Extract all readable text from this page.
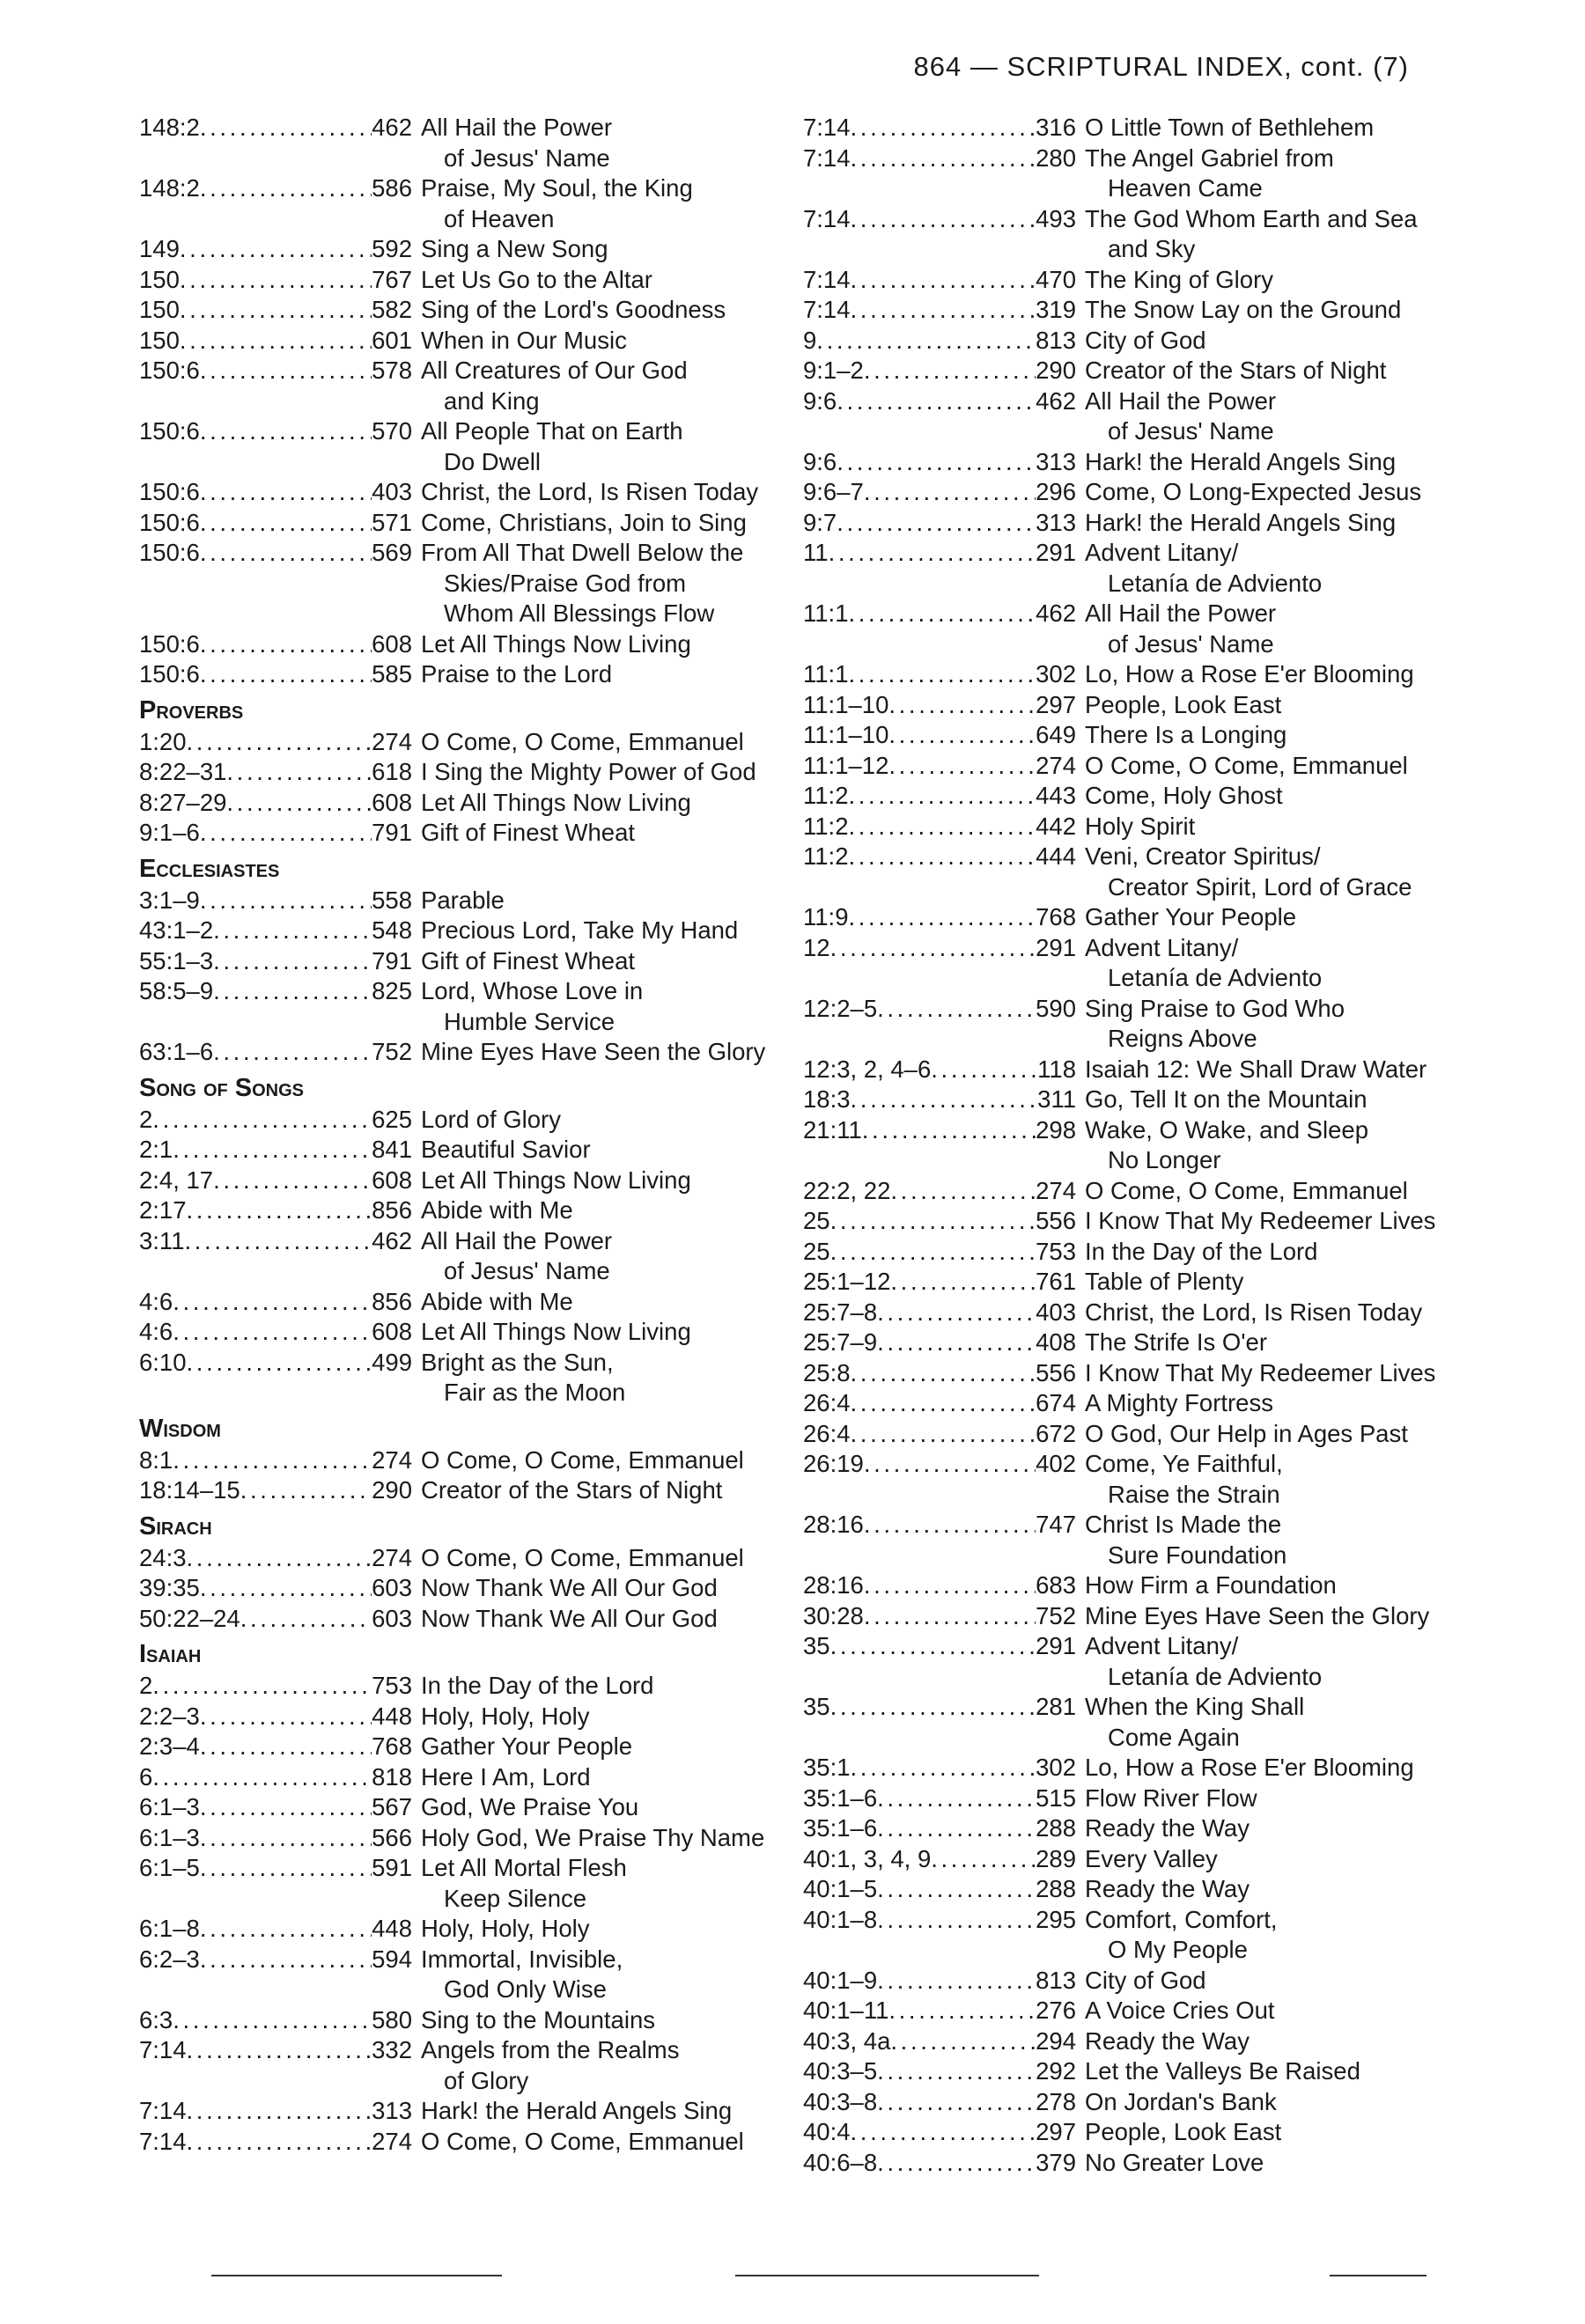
864 — SCRIPTURAL INDEX, cont. (7)
148:2 . . .	462 All Hail the Power
of Jesus' Name
148:2 . . .	586 Praise, My Soul, the King
of Heaven
149 . . .	592 Sing a New Song
150 . . .	767 Let Us Go to the Altar
150 . . .	582 Sing of the Lord's Goodness
150 . . .	601 When in Our Music
150:6 . . .	578 All Creatures of Our God
and King
150:6 . . .	570 All People That on Earth
Do Dwell
150:6 . . .	403 Christ, the Lord, Is Risen Today
150:6 . . .	571 Come, Christians, Join to Sing
150:6 . . .	569 From All That Dwell Below the
Skies/Praise God from
Whom All Blessings Flow
150:6 . . .	608 Let All Things Now Living
150:6 . . .	585 Praise to the Lord
Proverbs
1:20 . . .	274 O Come, O Come, Emmanuel
8:22–31 . . .	618 I Sing the Mighty Power of God
8:27–29 . . .	608 Let All Things Now Living
9:1–6 . . .	791 Gift of Finest Wheat
Ecclesiastes
3:1–9 . . .	558 Parable
43:1–2 . . .	548 Precious Lord, Take My Hand
55:1–3 . . .	791 Gift of Finest Wheat
58:5–9 . . .	825 Lord, Whose Love in
Humble Service
63:1–6 . . .	752 Mine Eyes Have Seen the Glory
Song of Songs
2 . . .	625 Lord of Glory
2:1 . . .	841 Beautiful Savior
2:4, 17 . . .	608 Let All Things Now Living
2:17 . . .	856 Abide with Me
3:11 . . .	462 All Hail the Power
of Jesus' Name
4:6 . . .	856 Abide with Me
4:6 . . .	608 Let All Things Now Living
6:10 . . .	499 Bright as the Sun,
Fair as the Moon
Wisdom
8:1 . . .	274 O Come, O Come, Emmanuel
18:14–15 . . .	290 Creator of the Stars of Night
Sirach
24:3 . . .	274 O Come, O Come, Emmanuel
39:35 . . .	603 Now Thank We All Our God
50:22–24 . . .	603 Now Thank We All Our God
Isaiah
2 . . .	753 In the Day of the Lord
2:2–3 . . .	448 Holy, Holy, Holy
2:3–4 . . .	768 Gather Your People
6 . . .	818 Here I Am, Lord
6:1–3 . . .	567 God, We Praise You
6:1–3 . . .	566 Holy God, We Praise Thy Name
6:1–5 . . .	591 Let All Mortal Flesh
Keep Silence
6:1–8 . . .	448 Holy, Holy, Holy
6:2–3 . . .	594 Immortal, Invisible,
God Only Wise
6:3 . . .	580 Sing to the Mountains
7:14 . . .	332 Angels from the Realms
of Glory
7:14 . . .	313 Hark! the Herald Angels Sing
7:14 . . .	274 O Come, O Come, Emmanuel
7:14 . . .	316 O Little Town of Bethlehem
7:14 . . .	280 The Angel Gabriel from
Heaven Came
7:14 . . .	493 The God Whom Earth and Sea
and Sky
7:14 . . .	470 The King of Glory
7:14 . . .	319 The Snow Lay on the Ground
9 . . .	813 City of God
9:1–2 . . .	290 Creator of the Stars of Night
9:6 . . .	462 All Hail the Power
of Jesus' Name
9:6 . . .	313 Hark! the Herald Angels Sing
9:6–7 . . .	296 Come, O Long-Expected Jesus
9:7 . . .	313 Hark! the Herald Angels Sing
11 . . .	291 Advent Litany/
Letanía de Adviento
11:1 . . .	462 All Hail the Power
of Jesus' Name
11:1 . . .	302 Lo, How a Rose E'er Blooming
11:1–10 . . .	297 People, Look East
11:1–10 . . .	649 There Is a Longing
11:1–12 . . .	274 O Come, O Come, Emmanuel
11:2 . . .	443 Come, Holy Ghost
11:2 . . .	442 Holy Spirit
11:2 . . .	444 Veni, Creator Spiritus/
Creator Spirit, Lord of Grace
11:9 . . .	768 Gather Your People
12 . . .	291 Advent Litany/
Letanía de Adviento
12:2–5 . . .	590 Sing Praise to God Who
Reigns Above
12:3, 2, 4–6 . . .	118 Isaiah 12: We Shall Draw Water
18:3 . . .	311 Go, Tell It on the Mountain
21:11 . . .	298 Wake, O Wake, and Sleep
No Longer
22:2, 22 . . .	274 O Come, O Come, Emmanuel
25 . . .	556 I Know That My Redeemer Lives
25 . . .	753 In the Day of the Lord
25:1–12 . . .	761 Table of Plenty
25:7–8 . . .	403 Christ, the Lord, Is Risen Today
25:7–9 . . .	408 The Strife Is O'er
25:8 . . .	556 I Know That My Redeemer Lives
26:4 . . .	674 A Mighty Fortress
26:4 . . .	672 O God, Our Help in Ages Past
26:19 . . .	402 Come, Ye Faithful,
Raise the Strain
28:16 . . .	747 Christ Is Made the
Sure Foundation
28:16 . . .	683 How Firm a Foundation
30:28 . . .	752 Mine Eyes Have Seen the Glory
35 . . .	291 Advent Litany/
Letanía de Adviento
35 . . .	281 When the King Shall
Come Again
35:1 . . .	302 Lo, How a Rose E'er Blooming
35:1–6 . . .	515 Flow River Flow
35:1–6 . . .	288 Ready the Way
40:1, 3, 4, 9 . . .	289 Every Valley
40:1–5 . . .	288 Ready the Way
40:1–8 . . .	295 Comfort, Comfort,
O My People
40:1–9 . . .	813 City of God
40:1–11 . . .	276 A Voice Cries Out
40:3, 4a . . .	294 Ready the Way
40:3–5 . . .	292 Let the Valleys Be Raised
40:3–8 . . .	278 On Jordan's Bank
40:4 . . .	297 People, Look East
40:6–8 . . .	379 No Greater Love
